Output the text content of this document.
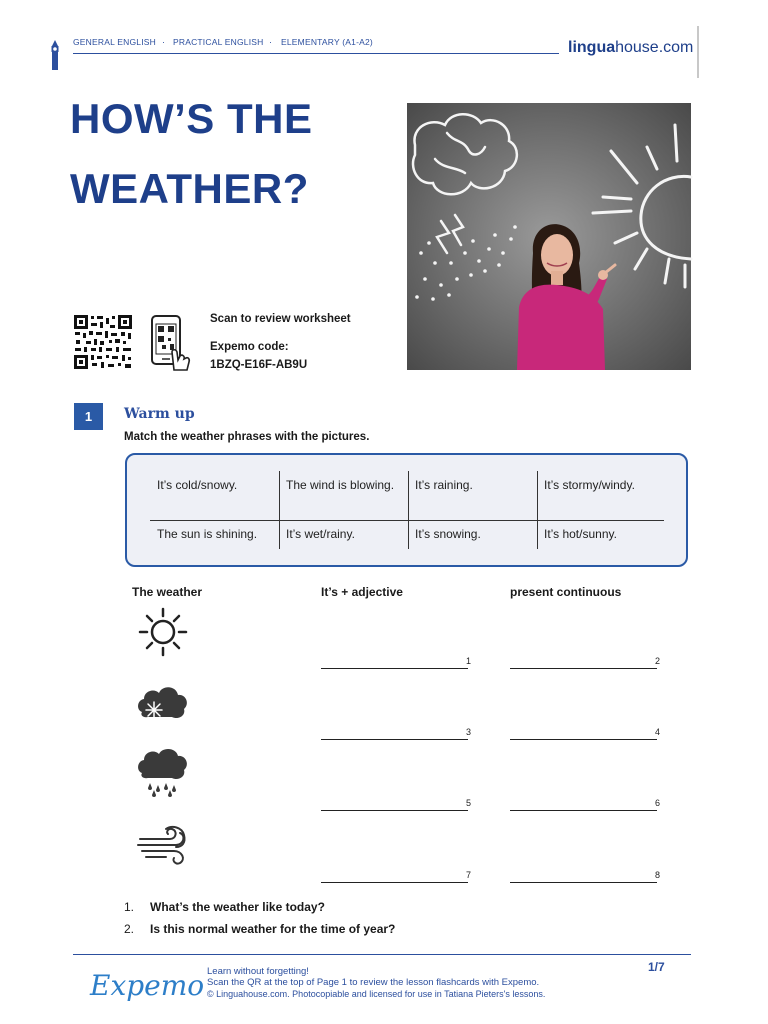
GENERAL ENGLISH · PRACTICAL ENGLISH · ELEMENTARY (A1-A2)	linguahouse.com
HOW’S THE
WEATHER?
Scan to review worksheet
Expemo code:
1BZQ-E16F-AB9U
1	Warm up
Match the weather phrases with the pictures.
It’s cold/snowy.	The wind is blowing.	It’s raining.	It’s stormy/windy.
The sun is shining.	It’s wet/rainy.	It’s snowing.	It’s hot/sunny.
The weather	It’s + adjective	present continuous
1	2
3	4
5	6
7	8
1. What’s the weather like today?
2. Is this normal weather for the time of year?
Expemo Learn without forgetting!
Scan the QR at the top of Page 1 to review the lesson flashcards with Expemo.
© Linguahouse.com. Photocopiable and licensed for use in Tatiana Pieters's lessons.
1/7
